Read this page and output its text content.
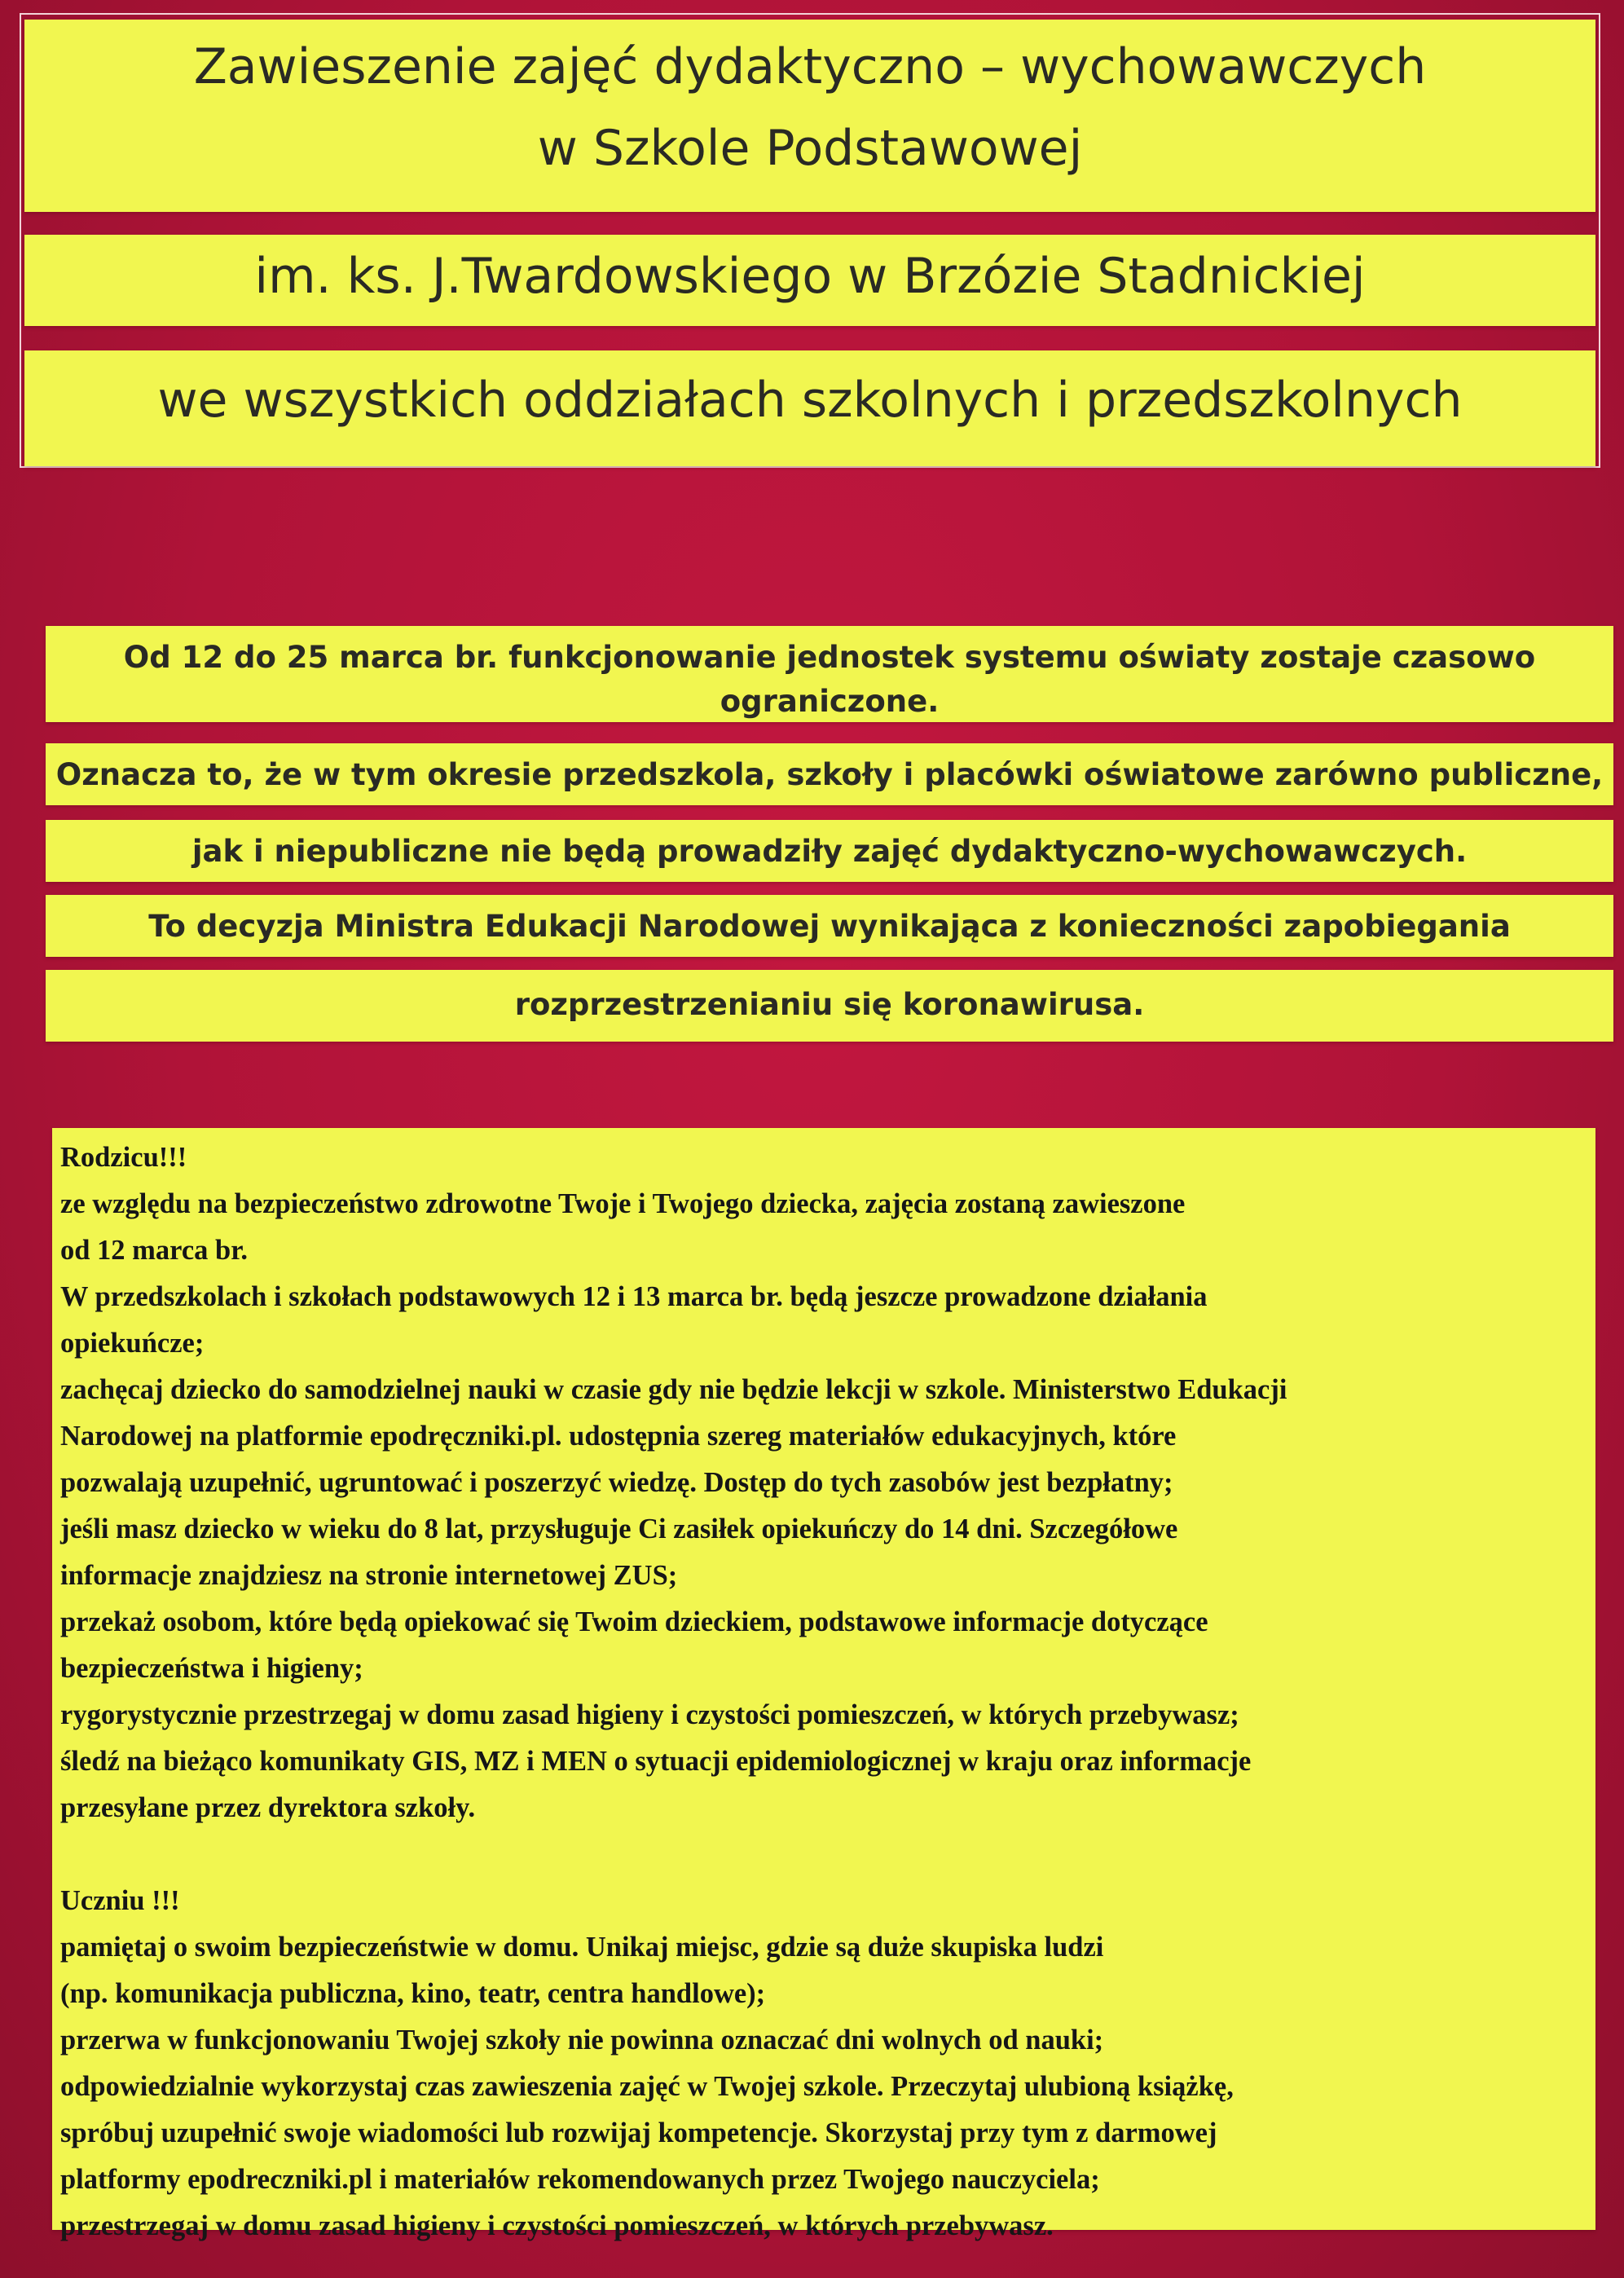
Zawieszenie zajęć dydaktyczno – wychowawczych
w Szkole Podstawowej
im. ks. J.Twardowskiego w Brzózie Stadnickiej
we wszystkich oddziałach szkolnych i przedszkolnych
Od 12 do 25 marca br. funkcjonowanie jednostek systemu oświaty zostaje czasowo
ograniczone.
Oznacza to, że w tym okresie przedszkola, szkoły i placówki oświatowe zarówno publiczne,
jak i niepubliczne nie będą prowadziły zajęć dydaktyczno-wychowawczych.
To decyzja Ministra Edukacji Narodowej wynikająca z konieczności zapobiegania
rozprzestrzenianiu się koronawirusa.
Rodzicu!!!
ze względu na bezpieczeństwo zdrowotne Twoje i Twojego dziecka, zajęcia zostaną zawieszone
od 12 marca br.
W przedszkolach i szkołach podstawowych 12 i 13 marca br. będą jeszcze prowadzone działania
opiekuńcze;
zachęcaj dziecko do samodzielnej nauki w czasie gdy nie będzie lekcji w szkole. Ministerstwo Edukacji
Narodowej na platformie epodręczniki.pl. udostępnia szereg materiałów edukacyjnych, które
pozwalają uzupełnić, ugruntować i poszerzyć wiedzę. Dostęp do tych zasobów jest bezpłatny;
jeśli masz dziecko w wieku do 8 lat, przysługuje Ci zasiłek opiekuńczy do 14 dni. Szczegółowe
informacje znajdziesz na stronie internetowej ZUS;
przekaż osobom, które będą opiekować się Twoim dzieckiem, podstawowe informacje dotyczące
bezpieczeństwa i higieny;
rygorystycznie przestrzegaj w domu zasad higieny i czystości pomieszczeń, w których przebywasz;
śledź na bieżąco komunikaty GIS, MZ i MEN o sytuacji epidemiologicznej w kraju oraz informacje
przesyłane przez dyrektora szkoły.
Uczniu !!!
pamiętaj o swoim bezpieczeństwie w domu. Unikaj miejsc, gdzie są duże skupiska ludzi
(np. komunikacja publiczna, kino, teatr, centra handlowe);
przerwa w funkcjonowaniu Twojej szkoły nie powinna oznaczać dni wolnych od nauki;
odpowiedzialnie wykorzystaj czas zawieszenia zajęć w Twojej szkole. Przeczytaj ulubioną książkę,
spróbuj uzupełnić swoje wiadomości lub rozwijaj kompetencje. Skorzystaj przy tym z darmowej
platformy epodreczniki.pl i materiałów rekomendowanych przez Twojego nauczyciela;
przestrzegaj w domu zasad higieny i czystości pomieszczeń, w których przebywasz.
